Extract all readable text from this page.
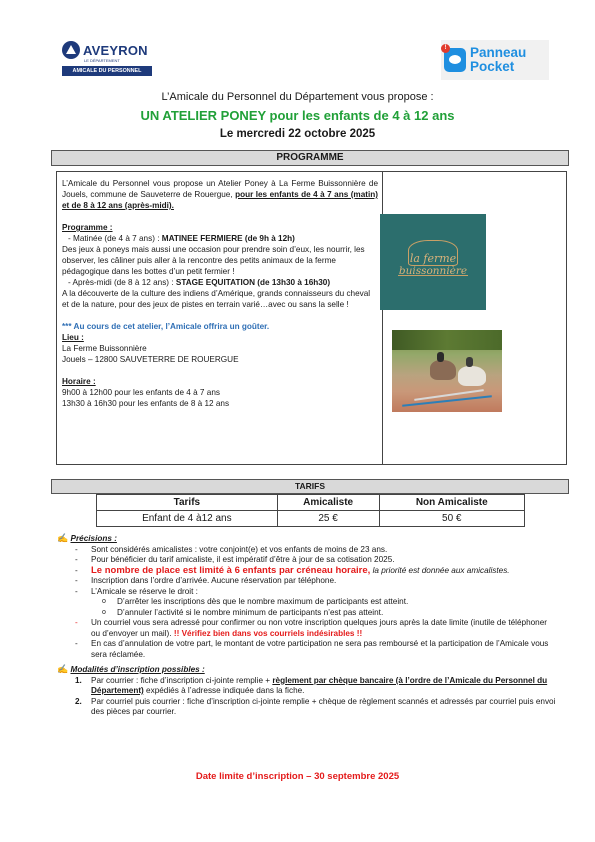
AVEYRON
LE DÉPARTEMENT
AMICALE DU PERSONNEL
! Panneau
Pocket
L’Amicale du Personnel du Département vous propose :
UN ATELIER PONEY pour les enfants de 4 à 12 ans
Le mercredi 22 octobre 2025
PROGRAMME
L’Amicale du Personnel vous propose un Atelier Poney à La Ferme Buissonnière de Jouels, commune de Sauveterre de Rouergue, pour les enfants de 4 à 7 ans (matin) et de 8 à 12 ans (après-midi).
Programme :
- Matinée (de 4 à 7 ans) : MATINEE FERMIERE (de 9h à 12h)
Des jeux à poneys mais aussi une occasion pour prendre soin d’eux, les nourrir, les observer, les câliner puis aller à la rencontre des petits animaux de la ferme pédagogique dans les bottes d’un petit fermier !
- Après-midi (de 8 à 12 ans) : STAGE EQUITATION (de 13h30 à 16h30)
A la découverte de la culture des indiens d’Amérique, grands connaisseurs du cheval et de la nature, pour des jeux de pistes en terrain varié…avec ou sans la selle !
*** Au cours de cet atelier, l’Amicale offrira un goûter.
Lieu :
La Ferme Buissonnière
Jouels – 12800 SAUVETERRE DE ROUERGUE
Horaire :
9h00 à 12h00 pour les enfants de 4 à 7 ans
13h30 à 16h30 pour les enfants de 8 à 12 ans
la ferme
buissonnière
TARIFS
Tarifs	Amicaliste	Non Amicaliste
Enfant de 4 à12 ans	25 €	50 €
✍ Précisions :
- Sont considérés amicalistes : votre conjoint(e) et vos enfants de moins de 23 ans.
- Pour bénéficier du tarif amicaliste, il est impératif d’être à jour de sa cotisation 2025.
- Le nombre de place est limité à 6 enfants par créneau horaire, la priorité est donnée aux amicalistes.
- Inscription dans l’ordre d’arrivée. Aucune réservation par téléphone.
- L’Amicale se réserve le droit :
o D’arrêter les inscriptions dès que le nombre maximum de participants est atteint.
o D’annuler l’activité si le nombre minimum de participants n’est pas atteint.
- Un courriel vous sera adressé pour confirmer ou non votre inscription quelques jours après la date limite (inutile de téléphoner ou d’envoyer un mail). !! Vérifiez bien dans vos courriels indésirables !!
- En cas d’annulation de votre part, le montant de votre participation ne sera pas remboursé et la participation de l’Amicale vous sera réclamée.
✍ Modalités d’inscription possibles :
1. Par courrier : fiche d’inscription ci-jointe remplie + règlement par chèque bancaire (à l’ordre de l’Amicale du Personnel du Département) expédiés à l’adresse indiquée dans la fiche.
2. Par courriel puis courrier : fiche d’inscription ci-jointe remplie + chèque de règlement scannés et adressés par courriel puis envoi des pièces par courrier.
Date limite d’inscription – 30 septembre 2025
